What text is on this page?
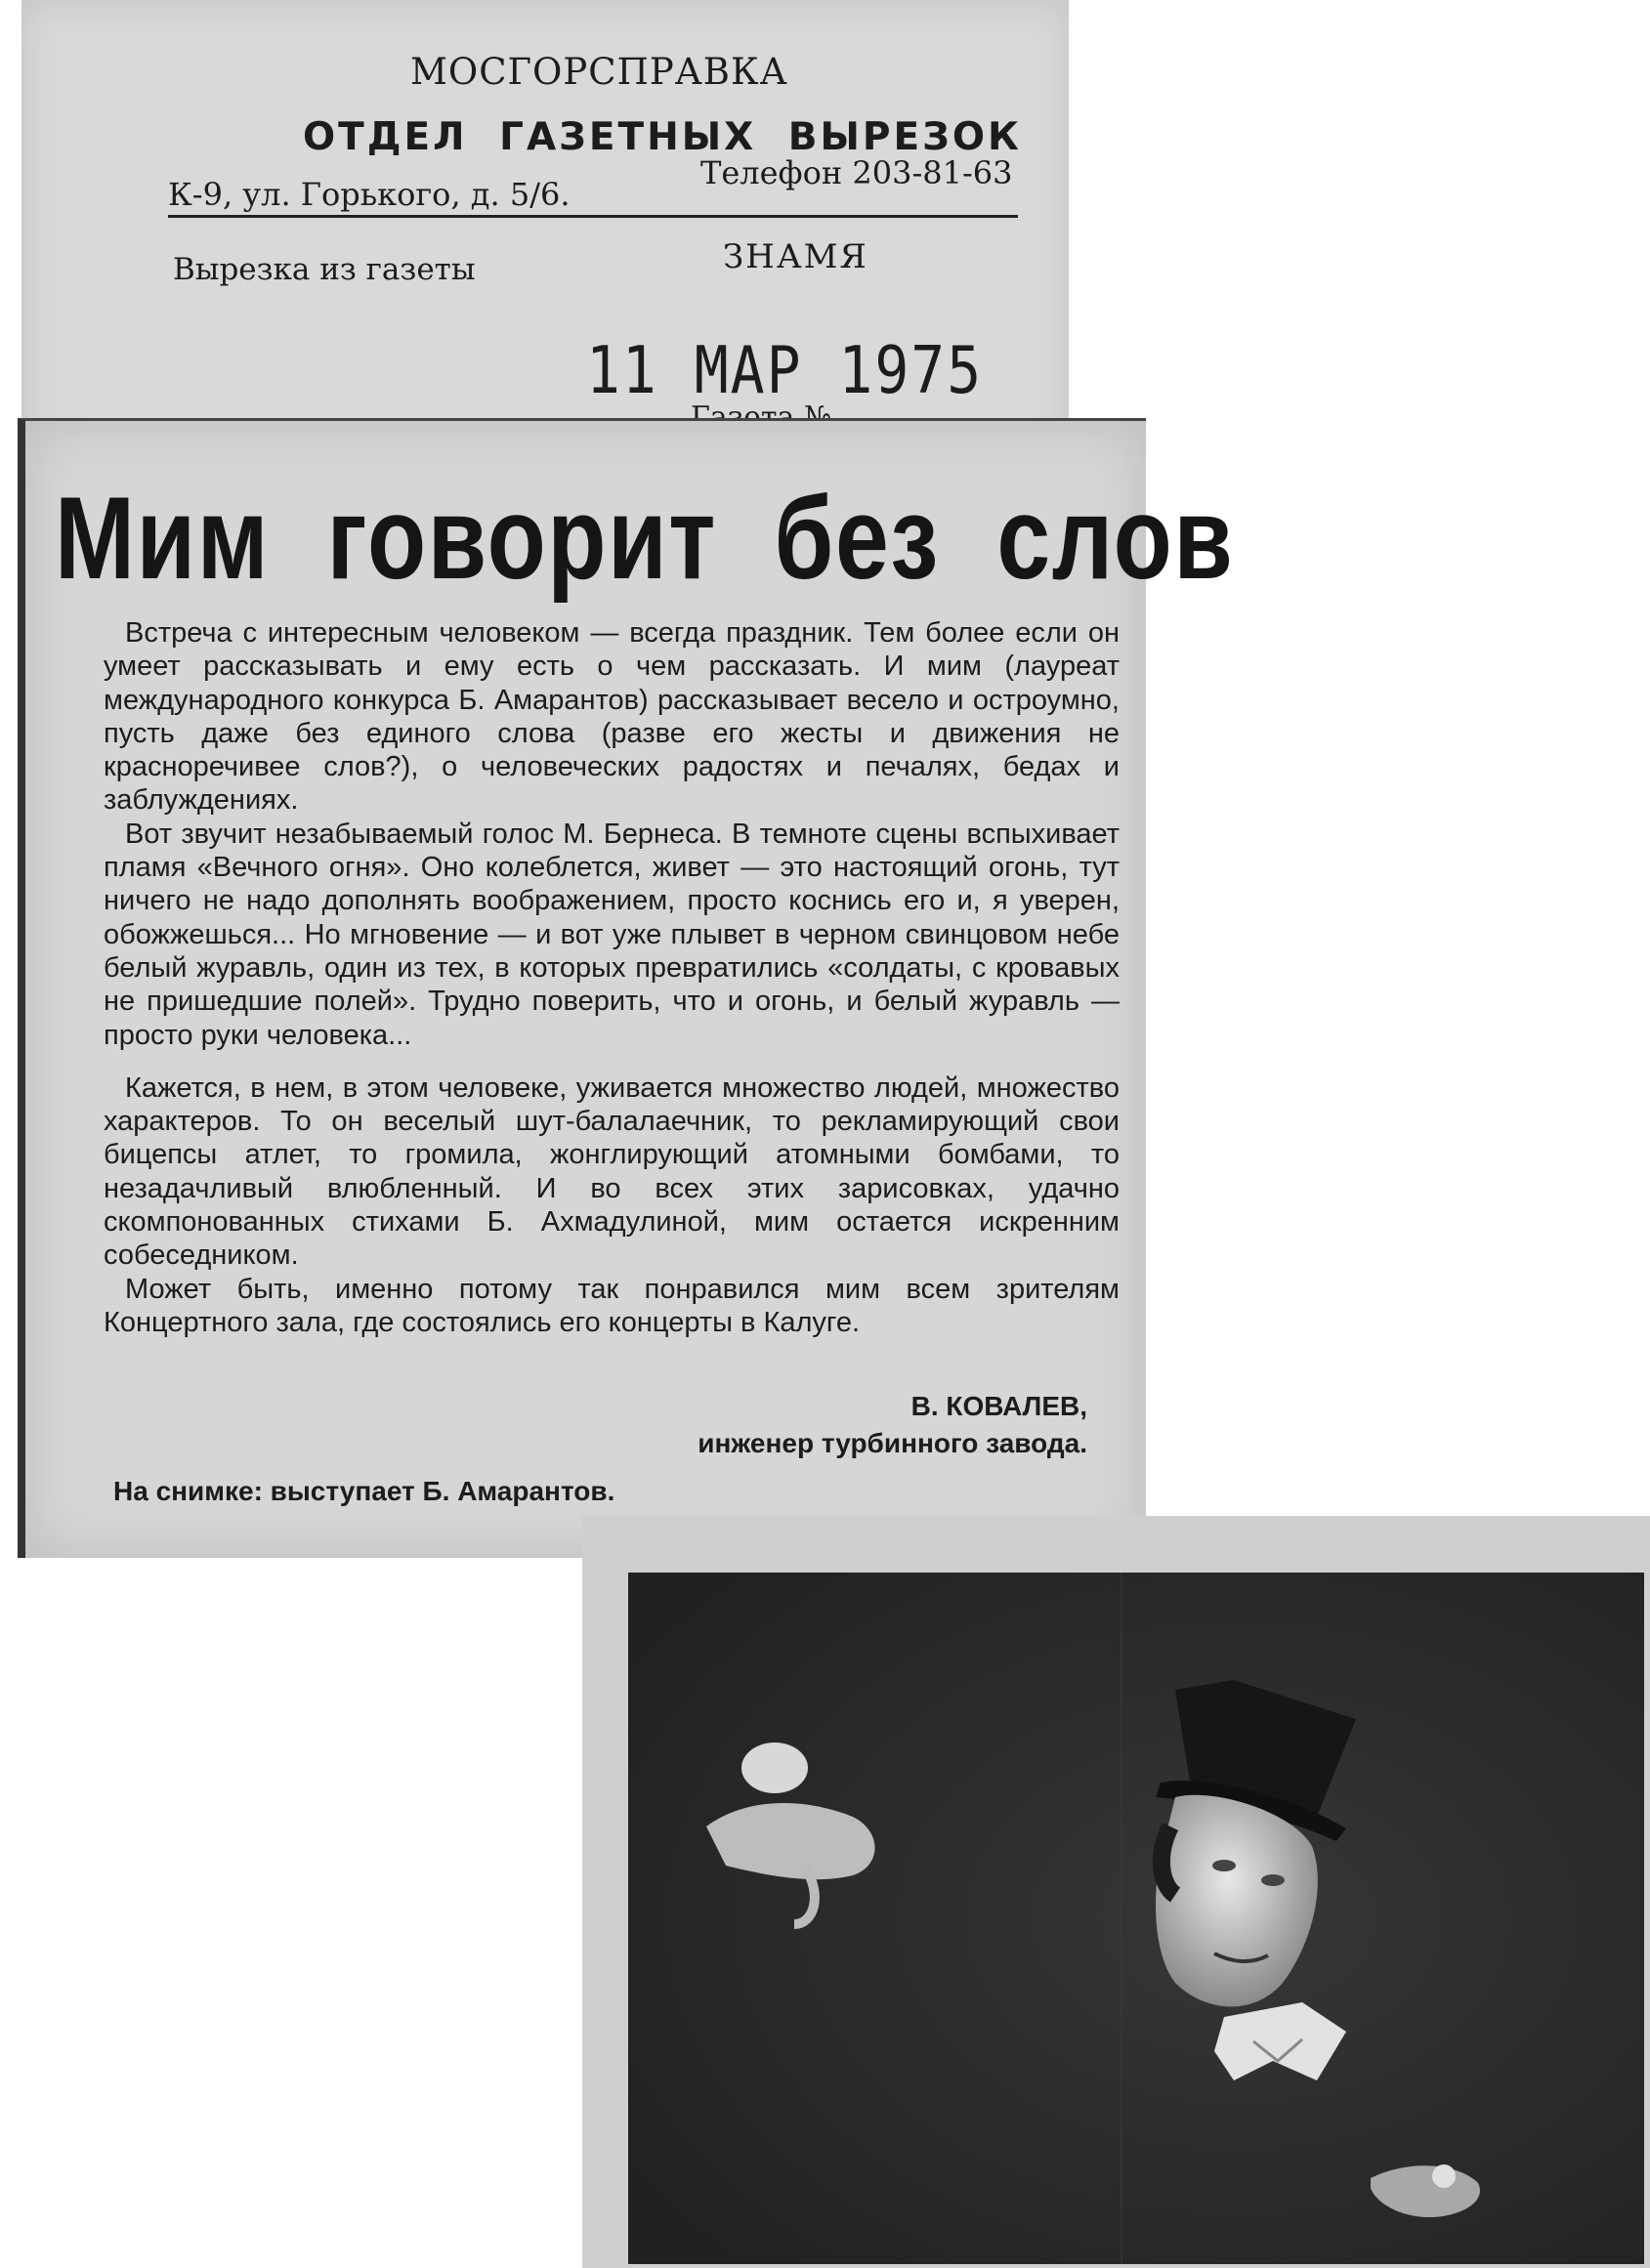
МОСГОРСПРАВКА
ОТДЕЛ ГАЗЕТНЫХ ВЫРЕЗОК
Телефон 203-81-63
К-9, ул. Горького, д. 5/6.
Вырезка из газеты	ЗНАМЯ
11 МАР 1975
Мим говорит без слов

Встреча с интересным человеком — всегда праздник. Тем более если он умеет рассказывать и ему есть о чем рассказать. И мим (лауреат международного конкурса Б. Амарантов) рассказывает весело и остроумно, пусть даже без единого слова (разве его жесты и движения не красноречивее слов?), о человеческих радостях и печалях, бедах и заблуждениях.

Вот звучит незабываемый голос М. Бернеса. В темноте сцены вспыхивает пламя «Вечного огня». Оно колеблется, живет — это настоящий огонь, тут ничего не надо дополнять воображением, просто коснись его и, я уверен, обожжешься... Но мгновение — и вот уже плывет в черном свинцовом небе белый журавль, один из тех, в которых превратились «солдаты, с кровавых не пришедшие полей». Трудно поверить, что и огонь, и белый журавль — просто руки человека...

Кажется, в нем, в этом человеке, уживается множество людей, множество характеров. То он веселый шут-балалаечник, то рекламирующий свои бицепсы атлет, то громила, жонглирующий атомными бомбами, то незадачливый влюбленный. И во всех этих зарисовках, удачно скомпонованных стихами Б. Ахмадулиной, мим остается искренним собеседником.

Может быть, именно потому так понравился мим всем зрителям Концертного зала, где состоялись его концерты в Калуге.

В. КОВАЛЕВ,
инженер турбинного завода.
На снимке: выступает Б. Амарантов.
